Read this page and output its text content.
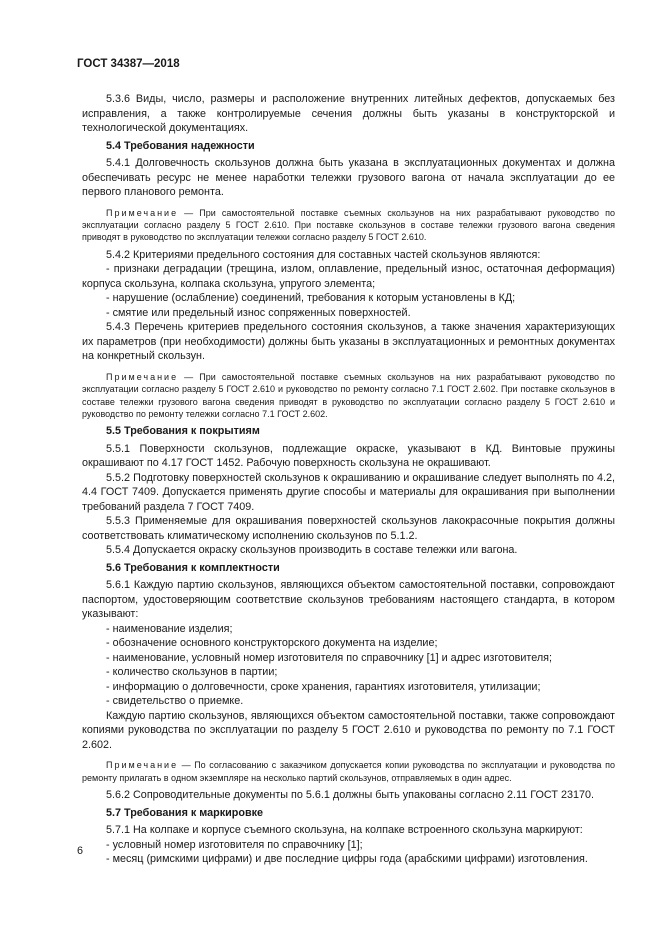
ГОСТ 34387—2018

5.3.6 Виды, число, размеры и расположение внутренних литейных дефектов, допускаемых без исправления, а также контролируемые сечения должны быть указаны в конструкторской и технологической документациях.

5.4 Требования надежности

5.4.1 Долговечность скользунов должна быть указана в эксплуатационных документах и должна обеспечивать ресурс не менее наработки тележки грузового вагона от начала эксплуатации до ее первого планового ремонта.

Примечание — При самостоятельной поставке съемных скользунов на них разрабатывают руководство по эксплуатации согласно разделу 5 ГОСТ 2.610. При поставке скользунов в составе тележки грузового вагона сведения приводят в руководство по эксплуатации тележки согласно разделу 5 ГОСТ 2.610.

5.4.2 Критериями предельного состояния для составных частей скользунов являются:

- признаки деградации (трещина, излом, оплавление, предельный износ, остаточная деформация) корпуса скользуна, колпака скользуна, упругого элемента;

- нарушение (ослабление) соединений, требования к которым установлены в КД;

- смятие или предельный износ сопряженных поверхностей.

5.4.3 Перечень критериев предельного состояния скользунов, а также значения характеризующих их параметров (при необходимости) должны быть указаны в эксплуатационных и ремонтных документах на конкретный скользун.

Примечание — При самостоятельной поставке съемных скользунов на них разрабатывают руководство по эксплуатации согласно разделу 5 ГОСТ 2.610 и руководство по ремонту согласно 7.1 ГОСТ 2.602. При поставке скользунов в составе тележки грузового вагона сведения приводят в руководство по эксплуатации согласно разделу 5 ГОСТ 2.610 и руководство по ремонту тележки согласно 7.1 ГОСТ 2.602.

5.5 Требования к покрытиям

5.5.1 Поверхности скользунов, подлежащие окраске, указывают в КД. Винтовые пружины окрашивают по 4.17 ГОСТ 1452. Рабочую поверхность скользуна не окрашивают.

5.5.2 Подготовку поверхностей скользунов к окрашиванию и окрашивание следует выполнять по 4.2, 4.4 ГОСТ 7409. Допускается применять другие способы и материалы для окрашивания при выполнении требований раздела 7 ГОСТ 7409.

5.5.3 Применяемые для окрашивания поверхностей скользунов лакокрасочные покрытия должны соответствовать климатическому исполнению скользунов по 5.1.2.

5.5.4 Допускается окраску скользунов производить в составе тележки или вагона.

5.6 Требования к комплектности

5.6.1 Каждую партию скользунов, являющихся объектом самостоятельной поставки, сопровождают паспортом, удостоверяющим соответствие скользунов требованиям настоящего стандарта, в котором указывают:

- наименование изделия;

- обозначение основного конструкторского документа на изделие;

- наименование, условный номер изготовителя по справочнику [1] и адрес изготовителя;

- количество скользунов в партии;

- информацию о долговечности, сроке хранения, гарантиях изготовителя, утилизации;

- свидетельство о приемке.

Каждую партию скользунов, являющихся объектом самостоятельной поставки, также сопровождают копиями руководства по эксплуатации по разделу 5 ГОСТ 2.610 и руководства по ремонту по 7.1 ГОСТ 2.602.

Примечание — По согласованию с заказчиком допускается копии руководства по эксплуатации и руководства по ремонту прилагать в одном экземпляре на несколько партий скользунов, отправляемых в один адрес.

5.6.2 Сопроводительные документы по 5.6.1 должны быть упакованы согласно 2.11 ГОСТ 23170.

5.7 Требования к маркировке

5.7.1 На колпаке и корпусе съемного скользуна, на колпаке встроенного скользуна маркируют:

- условный номер изготовителя по справочнику [1];

- месяц (римскими цифрами) и две последние цифры года (арабскими цифрами) изготовления.

6
